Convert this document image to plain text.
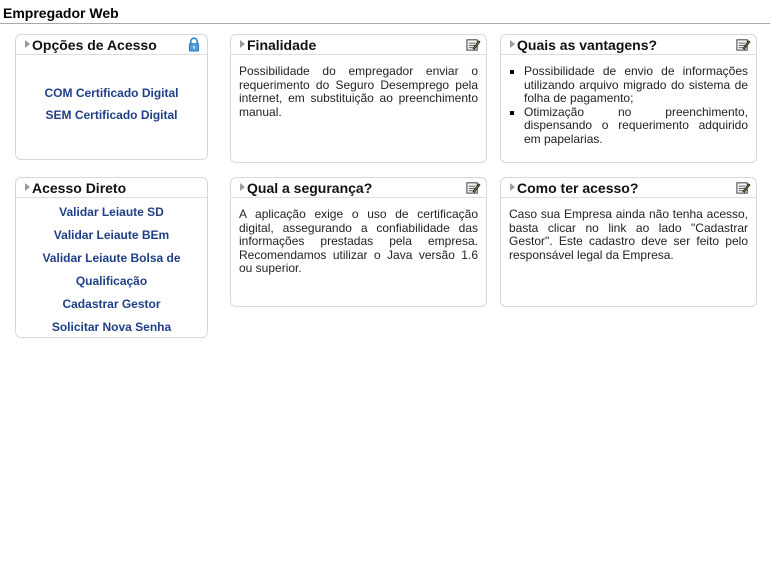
Empregador Web
Opções de Acesso
COM Certificado Digital
SEM Certificado Digital
Finalidade
Possibilidade do empregador enviar o requerimento do Seguro Desemprego pela internet, em substituição ao preenchimento manual.
Quais as vantagens?
Possibilidade de envio de informações utilizando arquivo migrado do sistema de folha de pagamento;
Otimização no preenchimento, dispensando o requerimento adquirido em papelarias.
Acesso Direto
Validar Leiaute SD
Validar Leiaute BEm
Validar Leiaute Bolsa de Qualificação
Cadastrar Gestor
Solicitar Nova Senha
Qual a segurança?
A aplicação exige o uso de certificação digital, assegurando a confiabilidade das informações prestadas pela empresa. Recomendamos utilizar o Java versão 1.6 ou superior.
Como ter acesso?
Caso sua Empresa ainda não tenha acesso, basta clicar no link ao lado "Cadastrar Gestor". Este cadastro deve ser feito pelo responsável legal da Empresa.
